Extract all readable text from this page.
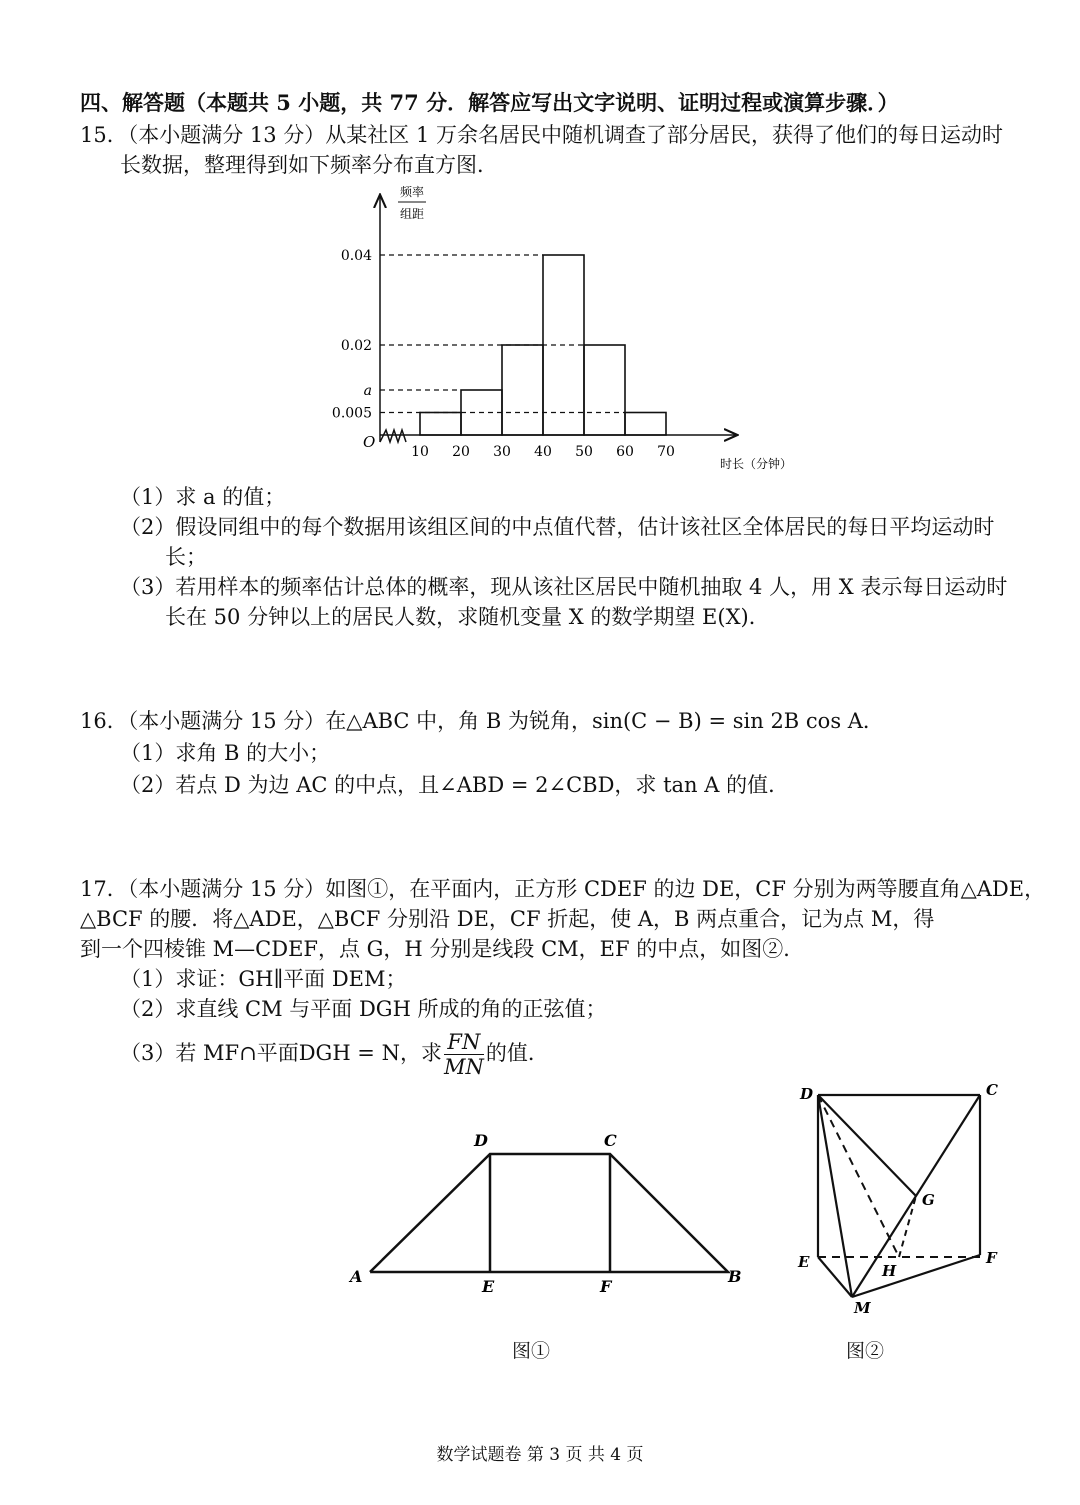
四、解答题（本题共 5 小题，共 77 分．解答应写出文字说明、证明过程或演算步骤．）
15．（本小题满分 13 分）从某社区 1 万余名居民中随机调查了部分居民，获得了他们的每日运动时
长数据，整理得到如下频率分布直方图．
频率
组距
O
0.005
a
0.02
0.04
10 20 30 40 50 60 70
时长（分钟）
（1）求 a 的值；
（2）假设同组中的每个数据用该组区间的中点值代替，估计该社区全体居民的每日平均运动时
长；
（3）若用样本的频率估计总体的概率，现从该社区居民中随机抽取 4 人，用 X 表示每日运动时
长在 50 分钟以上的居民人数，求随机变量 X 的数学期望 E(X)．
16．（本小题满分 15 分）在△ABC 中，角 B 为锐角，sin(C − B) = sin 2B cos A．
（1）求角 B 的大小；
（2）若点 D 为边 AC 的中点，且∠ABD = 2∠CBD，求 tan A 的值．
17．（本小题满分 15 分）如图①，在平面内，正方形 CDEF 的边 DE，CF 分别为两等腰直角△ADE，
△BCF 的腰．将△ADE，△BCF 分别沿 DE，CF 折起，使 A，B 两点重合，记为点 M，得
到一个四棱锥 M—CDEF，点 G，H 分别是线段 CM，EF 的中点，如图②．
（1）求证：GH∥平面 DEM；
（2）求直线 CM 与平面 DGH 所成的角的正弦值；
（3）若 MF∩平面DGH = N，求 $\frac{FN}{MN}$ 的值．
D	C
A	B
E	F
图①
D	C
G
E	F
H
M
图②
数学试题卷 第 3 页 共 4 页
